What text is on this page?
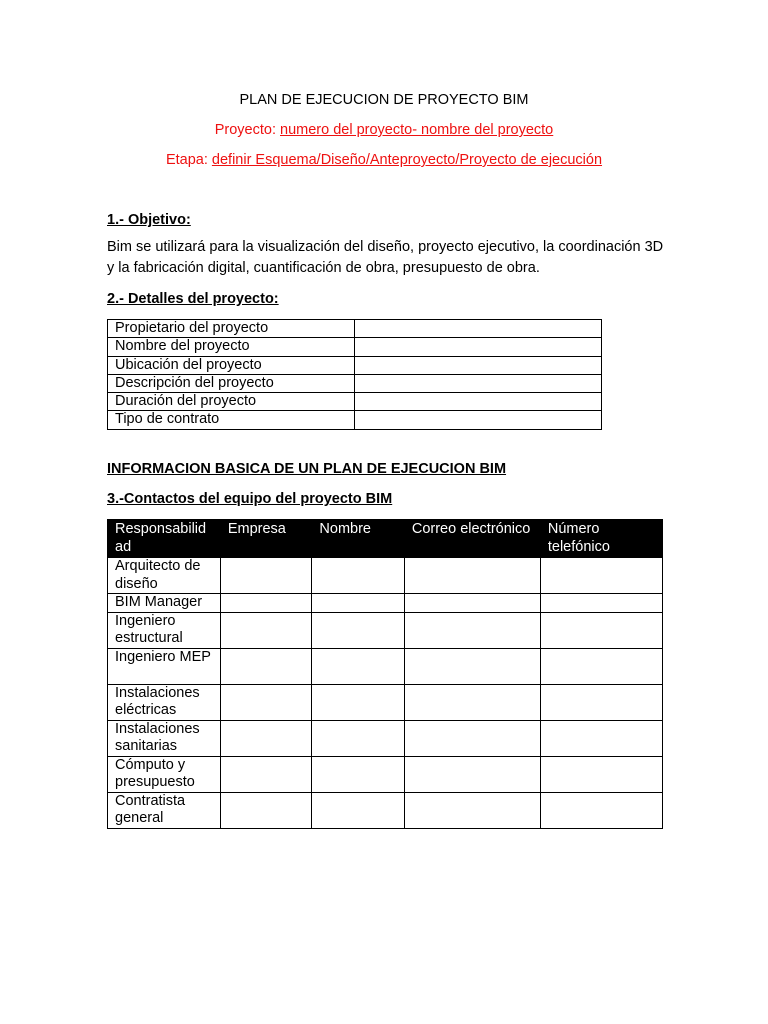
PLAN DE EJECUCION DE PROYECTO BIM

Proyecto: numero del proyecto- nombre del proyecto

Etapa: definir Esquema/Diseño/Anteproyecto/Proyecto de ejecución

1.- Objetivo:

Bim se utilizará para la visualización del diseño, proyecto ejecutivo, la coordinación 3D y la fabricación digital, cuantificación de obra, presupuesto de obra.

2.- Detalles del proyecto:

Propietario del proyecto	
Nombre del proyecto	
Ubicación del proyecto	
Descripción del proyecto	
Duración del proyecto	
Tipo de contrato	

INFORMACION BASICA DE UN PLAN DE EJECUCION BIM

3.-Contactos del equipo del proyecto BIM

Responsabilid ad	Empresa	Nombre	Correo electrónico	Número telefónico
Arquitecto de diseño				
BIM Manager				
Ingeniero estructural				
Ingeniero MEP				
Instalaciones eléctricas				
Instalaciones sanitarias				
Cómputo y presupuesto				
Contratista general				
